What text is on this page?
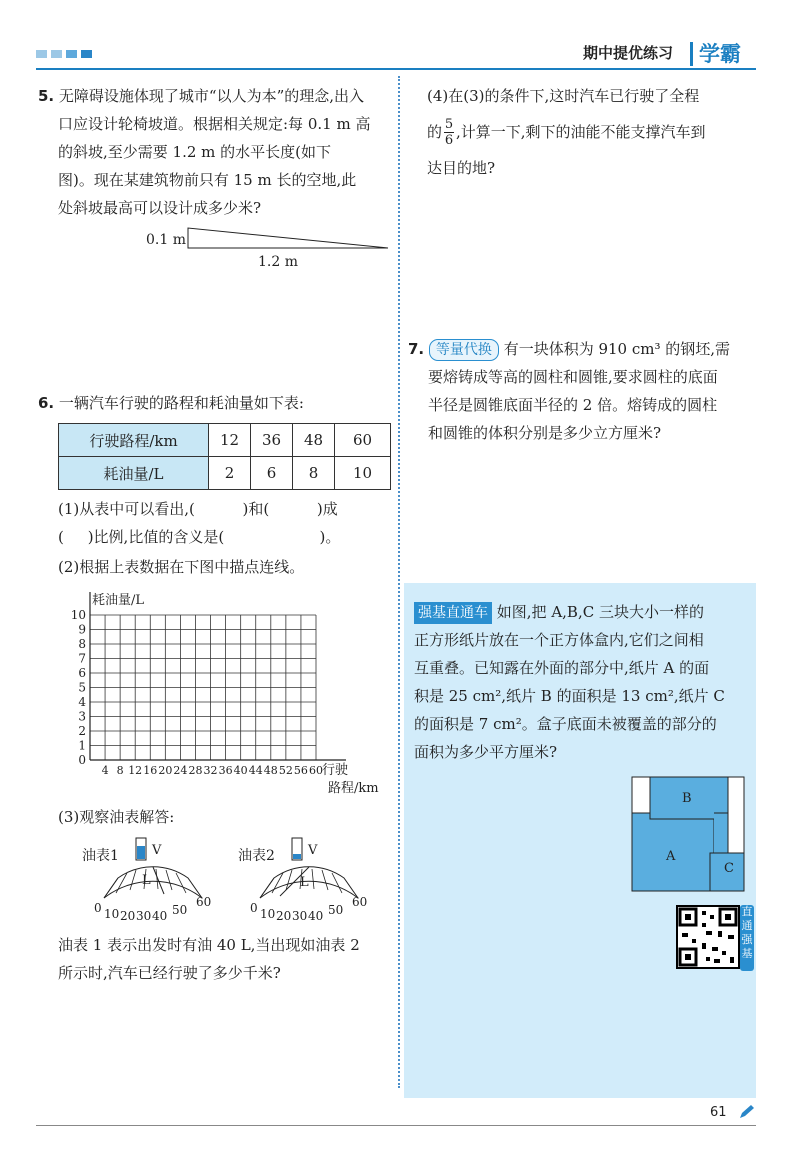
期中提优练习 学霸
5. 无障碍设施体现了城市“以人为本”的理念,出入
口应设计轮椅坡道。根据相关规定:每 0.1 m 高
的斜坡,至少需要 1.2 m 的水平长度(如下
图)。现在某建筑物前只有 15 m 长的空地,此
处斜坡最高可以设计成多少米?
0.1 m
1.2 m
6. 一辆汽车行驶的路程和耗油量如下表:
行驶路程/km	12	36	48	60
耗油量/L	2	6	8	10
(1)从表中可以看出,(          )和(          )成
(     )比例,比值的含义是(                    )。
(2)根据上表数据在下图中描点连线。
耗油量/L
0
1
2
3
4
5
6
7
8
9
10
4 8 12 16 20 24 28 32 36 40 44 48 52 56 60 行驶
路程/km
(3)观察油表解答:
油表1	V
L
0 10 20 30 40 50
60
油表2	V
L
0 10 20 30 40 50
60
油表 1 表示出发时有油 40 L,当出现如油表 2
所示时,汽车已经行驶了多少千米?
(4)在(3)的条件下,这时汽车已行驶了全程

的 5
6 ,计算一下,剩下的油能不能支撑汽车到

达目的地?
7. 等量代换 有一块体积为 910 cm³ 的钢坯,需
要熔铸成等高的圆柱和圆锥,要求圆柱的底面
半径是圆锥底面半径的 2 倍。熔铸成的圆柱
和圆锥的体积分别是多少立方厘米?
强基直通车 如图,把 A,B,C 三块大小一样的
正方形纸片放在一个正方体盒内,它们之间相
互重叠。已知露在外面的部分中,纸片 A 的面
积是 25 cm²,纸片 B 的面积是 13 cm²,纸片 C
的面积是 7 cm²。盒子底面未被覆盖的部分的
面积为多少平方厘米?
B
A
C
直通强基
61
